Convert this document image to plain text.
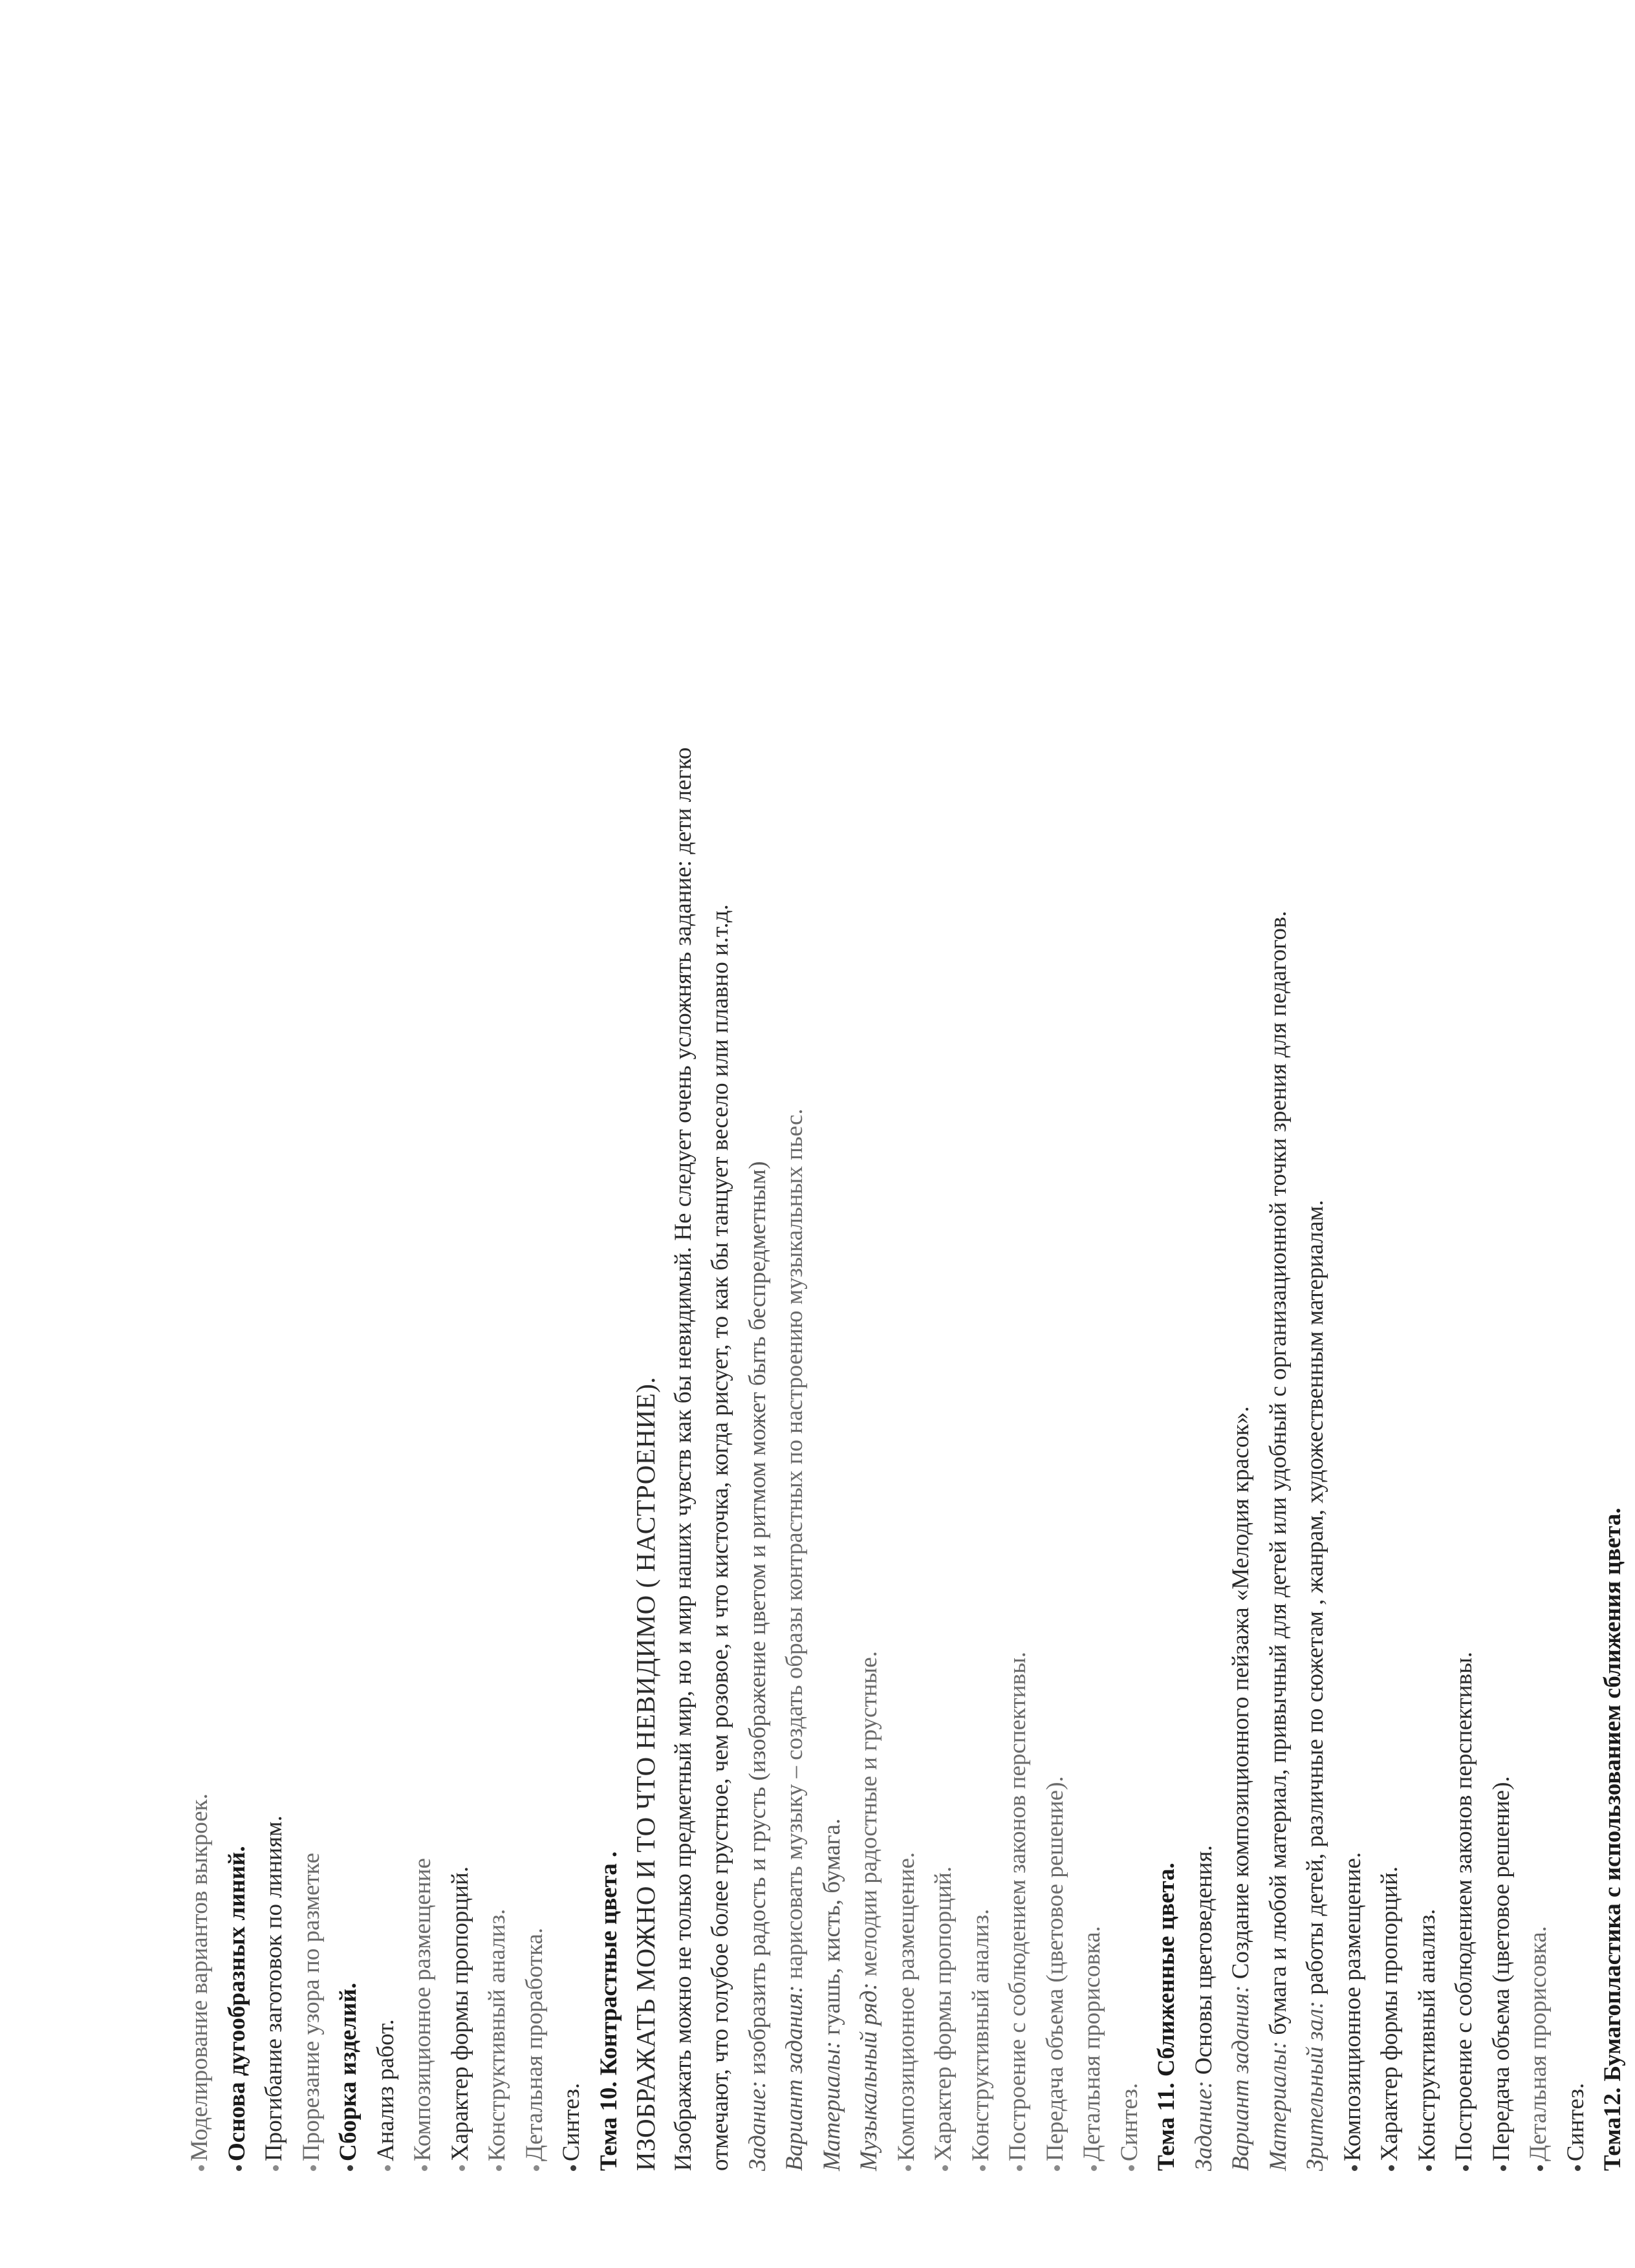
Моделирование вариантов выкроек. Основа дугообразных линий. Прогибание заготовок по линиям. Прорезание узора по разметке Сборка изделий. Анализ работ. Композиционное размещение Характер формы пропорций. Конструктивный анализ. Детальная проработка. Синтез. Тема 10. Контрастные цвета . ИЗОБРАЖАТЬ МОЖНО И ТО ЧТО НЕВИДИМО ( НАСТРОЕНИЕ). Изображать можно не только предметный мир, но и мир наших чувств как бы невидимый. Не следует очень усложнять задание: дети легко отмечают, что голубое более грустное, чем розовое, и что кисточка, когда рисует, то как бы танцует весело или плавно и.т.д. Задание: изобразить радость и грусть (изображение цветом и ритмом может быть беспредметным) Вариант задания: нарисовать музыку – создать образы контрастных по настроению музыкальных пьес.
Материалы: гуашь, кисть, бумага.
Музыкальный ряд: мелодии радостные и грустные.
Композиционное размещение. Характер формы пропорций. Конструктивный анализ. Построение с соблюдением законов перспективы. Передача объема (цветовое решение). Детальная прорисовка. Синтез. Тема 11. Сближенные цвета. Задание: Основы цветоведения. Вариант задания: Создание композиционного пейзажа «Мелодия красок».
Материалы: бумага и любой материал, привычный для детей или удобный с организационной точки зрения для педагогов.
Зрительный зал: работы детей, различные по сюжетам , жанрам, художественным материалам.
Композиционное размещение. Характер формы пропорций. Конструктивный анализ. Построение с соблюдением законов перспективы. Передача объема (цветовое решение). Детальная прорисовка. Синтез. Тема12. Бумагопластика с использованием сближения цвета.
